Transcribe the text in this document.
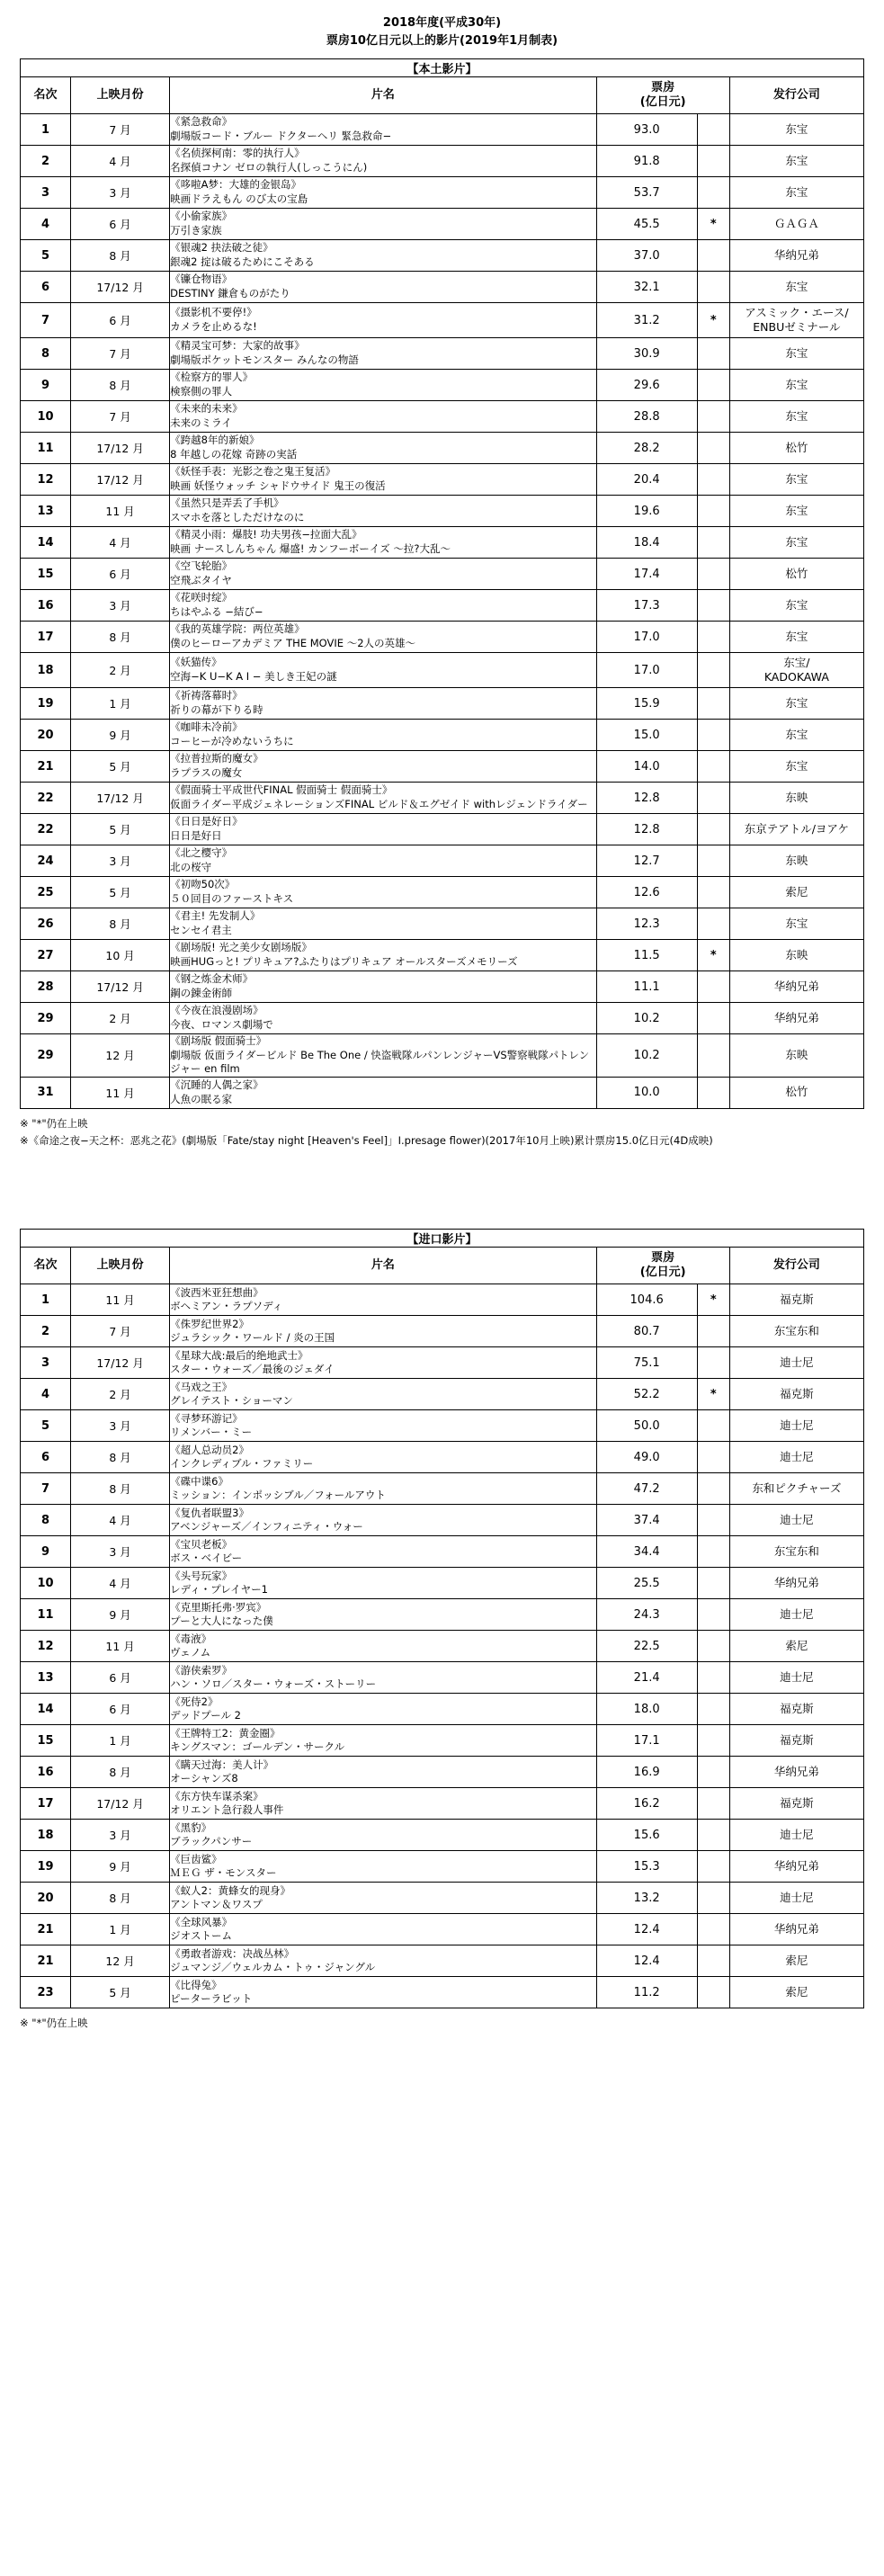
2018年度(平成30年)
票房10亿日元以上的影片(2019年1月制表)
【本土影片】					
名次	上映月份	片名	票房
(亿日元)		发行公司
1	7 月	《紧急救命》
劇場版コード・ブルー ドクターヘリ 緊急救命−	93.0		东宝
2	4 月	《名侦探柯南：零的执行人》
名探偵コナン ゼロの執行人(しっこうにん)	91.8		东宝
3	3 月	《哆啦A梦：大雄的金银岛》
映画ドラえもん のび太の宝島	53.7		东宝
4	6 月	《小偷家族》
万引き家族	45.5	*	ＧＡＧＡ
5	8 月	《银魂2 抉法破之徒》
銀魂2 掟は破るためにこそある	37.0		华纳兄弟
6	17/12 月	《镰仓物语》
DESTINY 鎌倉ものがたり	32.1		东宝
7	6 月	《摄影机不要停!》
カメラを止めるな!	31.2	*	アスミック・エース/
ENBUゼミナール
8	7 月	《精灵宝可梦：大家的故事》
劇場版ポケットモンスター みんなの物語	30.9		东宝
9	8 月	《检察方的罪人》
検察側の罪人	29.6		东宝
10	7 月	《未来的未来》
未来のミライ	28.8		东宝
11	17/12 月	《跨越8年的新娘》
8 年越しの花嫁 奇跡の実話	28.2		松竹
12	17/12 月	《妖怪手表：光影之卷之鬼王复活》
映画 妖怪ウォッチ シャドウサイド 鬼王の復活	20.4		东宝
13	11 月	《虽然只是弄丢了手机》
スマホを落としただけなのに	19.6		东宝
14	4 月	《精灵小雨：爆肢! 功夫男孩−拉面大乱》
映画 ナースしんちゃん 爆盛! カンフーボーイズ ～拉?大乱～	18.4		东宝
15	6 月	《空飞轮胎》
空飛ぶタイヤ	17.4		松竹
16	3 月	《花咲时绽》
ちはやふる −結び−	17.3		东宝
17	8 月	《我的英雄学院：两位英雄》
僕のヒーローアカデミア THE MOVIE ～2人の英雄～	17.0		东宝
18	2 月	《妖猫传》
空海−K U−K A I − 美しき王妃の謎	17.0		东宝/
KADOKAWA
19	1 月	《祈祷落幕时》
祈りの幕が下りる時	15.9		东宝
20	9 月	《咖啡未冷前》
コーヒーが冷めないうちに	15.0		东宝
21	5 月	《拉普拉斯的魔女》
ラプラスの魔女	14.0		东宝
22	17/12 月	《假面骑士平成世代FINAL 假面骑士 假面骑士》
仮面ライダー平成ジェネレーションズFINAL ビルド＆エグゼイド withレジェンドライダー	12.8		东映
22	5 月	《日日是好日》
日日是好日	12.8		东京テアトル/ヨアケ
24	3 月	《北之樱守》
北の桜守	12.7		东映
25	5 月	《初吻50次》
５０回目のファーストキス	12.6		索尼
26	8 月	《君主! 先发制人》
センセイ君主	12.3		东宝
27	10 月	《剧场版! 光之美少女剧场版》
映画HUGっと! プリキュア?ふたりはプリキュア オールスターズメモリーズ	11.5	*	东映
28	17/12 月	《钢之炼金术师》
鋼の錬金術師	11.1		华纳兄弟
29	2 月	《今夜在浪漫剧场》
今夜、ロマンス劇場で	10.2		华纳兄弟
29	12 月	《剧场版 假面骑士》
劇場版 仮面ライダービルド Be The One / 快盗戦隊ルパンレンジャーVS警察戦隊パトレンジャー en film	10.2		东映
31	11 月	《沉睡的人偶之家》
人魚の眠る家	10.0		松竹
※ "*"仍在上映
※《命途之夜−天之杯：恶兆之花》(劇場版「Fate/stay night [Heaven's Feel]」Ⅰ.presage flower)(2017年10月上映)累计票房15.0亿日元(4D成映)
【进口影片】					
名次	上映月份	片名	票房
(亿日元)		发行公司
1	11 月	《波西米亚狂想曲》
ボヘミアン・ラプソディ	104.6	*	福克斯
2	7 月	《侏罗纪世界2》
ジュラシック・ワールド / 炎の王国	80.7		东宝东和
3	17/12 月	《星球大战:最后的绝地武士》
スター・ウォーズ／最後のジェダイ	75.1		迪士尼
4	2 月	《马戏之王》
グレイテスト・ショーマン	52.2	*	福克斯
5	3 月	《寻梦环游记》
リメンバー・ミー	50.0		迪士尼
6	8 月	《超人总动员2》
インクレディブル・ファミリー	49.0		迪士尼
7	8 月	《碟中谍6》
ミッション：インポッシブル／フォールアウト	47.2		东和ピクチャーズ
8	4 月	《复仇者联盟3》
アベンジャーズ／インフィニティ・ウォー	37.4		迪士尼
9	3 月	《宝贝老板》
ボス・ベイビー	34.4		东宝东和
10	4 月	《头号玩家》
レディ・プレイヤー1	25.5		华纳兄弟
11	9 月	《克里斯托弗·罗宾》
プーと大人になった僕	24.3		迪士尼
12	11 月	《毒液》
ヴェノム	22.5		索尼
13	6 月	《游侠索罗》
ハン・ソロ／スター・ウォーズ・ストーリー	21.4		迪士尼
14	6 月	《死侍2》
デッドプール 2	18.0		福克斯
15	1 月	《王牌特工2：黄金圈》
キングスマン：ゴールデン・サークル	17.1		福克斯
16	8 月	《瞒天过海：美人计》
オーシャンズ8	16.9		华纳兄弟
17	17/12 月	《东方快车谋杀案》
オリエント急行殺人事件	16.2		福克斯
18	3 月	《黑豹》
ブラックパンサー	15.6		迪士尼
19	9 月	《巨齿鲨》
ＭＥＧ ザ・モンスター	15.3		华纳兄弟
20	8 月	《蚁人2：黄蜂女的现身》
アントマン＆ワスプ	13.2		迪士尼
21	1 月	《全球风暴》
ジオストーム	12.4		华纳兄弟
21	12 月	《勇敢者游戏：决战丛林》
ジュマンジ／ウェルカム・トゥ・ジャングル	12.4		索尼
23	5 月	《比得兔》
ピーターラビット	11.2		索尼
※ "*"仍在上映
